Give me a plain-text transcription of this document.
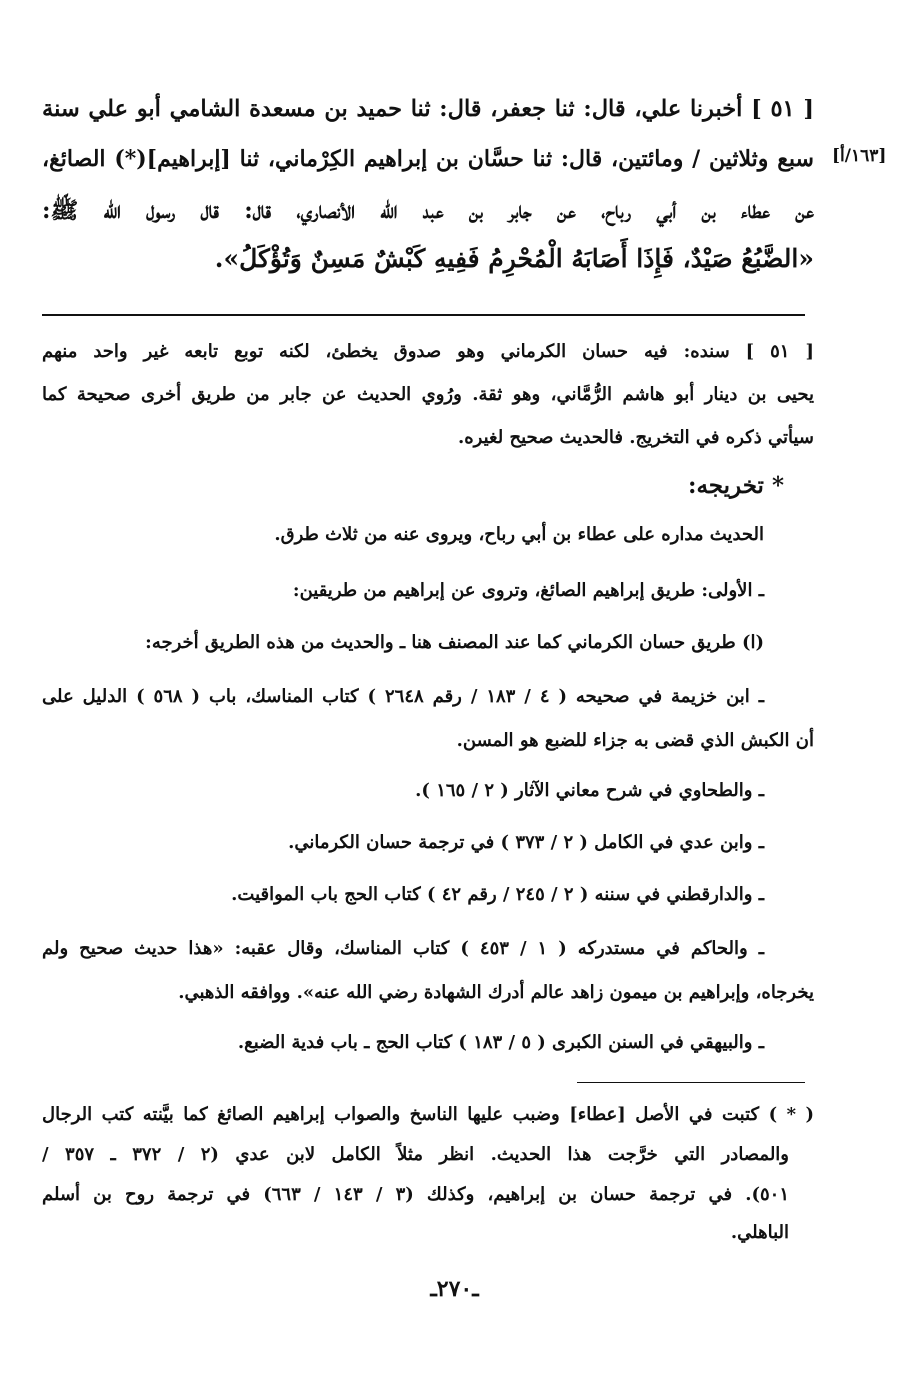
[١٦٣/أ]
[ ٥١ ] أخبرنا علي، قال: ثنا جعفر، قال: ثنا حميد بن مسعدة الشامي أبو علي سنة
سبع وثلاثين / ومائتين، قال: ثنا حسَّان بن إبراهيم الكِرْماني، ثنا [إبراهيم](*) الصائغ،
عن عطاء بن أبي رباح، عن جابر بن عبد الله الأنصاري، قال: قال رسول الله ﷺ:
«الضَّبُعُ صَيْدٌ، فَإِذَا أَصَابَهُ الْمُحْرِمُ فَفِيهِ كَبْشٌ مَسِنٌ وَتُؤْكَلُ».
[ ٥١ ] سنده: فيه حسان الكرماني وهو صدوق يخطئ، لكنه توبع تابعه غير واحد منهم
يحيى بن دينار أبو هاشم الرُّمَّاني، وهو ثقة. ورُوي الحديث عن جابر من طريق أخرى صحيحة كما
سيأتي ذكره في التخريج. فالحديث صحيح لغيره.
* تخريجه:
الحديث مداره على عطاء بن أبي رباح، ويروى عنه من ثلاث طرق.
ـ الأولى: طريق إبراهيم الصائغ، وتروى عن إبراهيم من طريقين:
(ا) طريق حسان الكرماني كما عند المصنف هنا ـ والحديث من هذه الطريق أخرجه:
ـ ابن خزيمة في صحيحه ( ٤ / ١٨٣ / رقم ٢٦٤٨ ) كتاب المناسك، باب ( ٥٦٨ ) الدليل على
أن الكبش الذي قضى به جزاء للضبع هو المسن.
ـ والطحاوي في شرح معاني الآثار ( ٢ / ١٦٥ ).
ـ وابن عدي في الكامل ( ٢ / ٣٧٣ ) في ترجمة حسان الكرماني.
ـ والدارقطني في سننه ( ٢ / ٢٤٥ / رقم ٤٢ ) كتاب الحج باب المواقيت.
ـ والحاكم في مستدركه ( ١ / ٤٥٣ ) كتاب المناسك، وقال عقبه: «هذا حديث صحيح ولم
يخرجاه، وإبراهيم بن ميمون زاهد عالم أدرك الشهادة رضي الله عنه». ووافقه الذهبي.
ـ والبيهقي في السنن الكبرى ( ٥ / ١٨٣ ) كتاب الحج ـ باب فدية الضبع.
( * ) كتبت في الأصل [عطاء] وضبب عليها الناسخ والصواب إبراهيم الصائغ كما بيَّنته كتب الرجال
والمصادر التي خرَّجت هذا الحديث. انظر مثلاً الكامل لابن عدي (٢ / ٣٧٢ ـ ٣٥٧ /
٥٠١). في ترجمة حسان بن إبراهيم، وكذلك (٣ / ١٤٣ / ٦٦٣) في ترجمة روح بن أسلم
الباهلي.
ـ٢٧٠ـ
